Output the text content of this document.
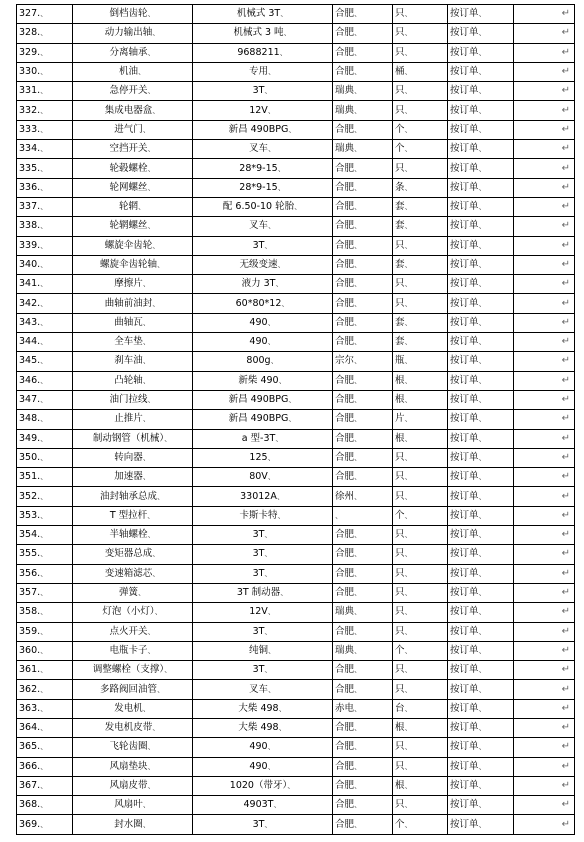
327.、	倒档齿轮、	机械式 3T、	合肥、	只、	按订单、	↵
328.、	动力输出轴、	机械式 3 吨、	合肥、	只、	按订单、	↵
329.、	分离轴承、	9688211、	合肥、	只、	按订单、	↵
330.、	机油、	专用、	合肥、	桶、	按订单、	↵
331.、	急停开关、	3T、	瑞典、	只、	按订单、	↵
332.、	集成电器盒、	12V、	瑞典、	只、	按订单、	↵
333.、	进气门、	新昌 490BPG、	合肥、	个、	按订单、	↵
334.、	空挡开关、	叉车、	瑞典、	个、	按订单、	↵
335.、	轮毂螺栓、	28*9-15、	合肥、	只、	按订单、	↵
336.、	轮网螺丝、	28*9-15、	合肥、	条、	按订单、	↵
337.、	轮辋、	配 6.50-10 轮胎、	合肥、	套、	按订单、	↵
338.、	轮辋螺丝、	叉车、	合肥、	套、	按订单、	↵
339.、	螺旋伞齿轮、	3T、	合肥、	只、	按订单、	↵
340.、	螺旋伞齿轮轴、	无级变速、	合肥、	套、	按订单、	↵
341.、	摩擦片、	液力 3T、	合肥、	只、	按订单、	↵
342.、	曲轴前油封、	60*80*12、	合肥、	只、	按订单、	↵
343.、	曲轴瓦、	490、	合肥、	套、	按订单、	↵
344.、	全车垫、	490、	合肥、	套、	按订单、	↵
345.、	刹车油、	800g、	宗尔、	瓶、	按订单、	↵
346.、	凸轮轴、	新柴 490、	合肥、	根、	按订单、	↵
347.、	油门拉线、	新昌 490BPG、	合肥、	根、	按订单、	↵
348.、	止推片、	新昌 490BPG、	合肥、	片、	按订单、	↵
349.、	制动钢管（机械）、	a 型-3T、	合肥、	根、	按订单、	↵
350.、	转向器、	125、	合肥、	只、	按订单、	↵
351.、	加速器、	80V、	合肥、	只、	按订单、	↵
352.、	油封轴承总成、	33012A、	徐州、	只、	按订单、	↵
353.、	T 型拉杆、	卡斯卡特、	、	个、	按订单、	↵
354.、	半轴螺栓、	3T、	合肥、	只、	按订单、	↵
355.、	变矩器总成、	3T、	合肥、	只、	按订单、	↵
356.、	变速箱滤芯、	3T、	合肥、	只、	按订单、	↵
357.、	弹簧、	3T 制动器、	合肥、	只、	按订单、	↵
358.、	灯泡（小灯）、	12V、	瑞典、	只、	按订单、	↵
359.、	点火开关、	3T、	合肥、	只、	按订单、	↵
360.、	电瓶卡子、	纯铜、	瑞典、	个、	按订单、	↵
361.、	调整螺栓（支撑）、	3T、	合肥、	只、	按订单、	↵
362.、	多路阀回油管、	叉车、	合肥、	只、	按订单、	↵
363.、	发电机、	大柴 498、	赤电、	台、	按订单、	↵
364.、	发电机皮带、	大柴 498、	合肥、	根、	按订单、	↵
365.、	飞轮齿圈、	490、	合肥、	只、	按订单、	↵
366.、	风扇垫块、	490、	合肥、	只、	按订单、	↵
367.、	风扇皮带、	1020（带牙）、	合肥、	根、	按订单、	↵
368.、	风扇叶、	4903T、	合肥、	只、	按订单、	↵
369.、	封水圈、	3T、	合肥、	个、	按订单、	↵
